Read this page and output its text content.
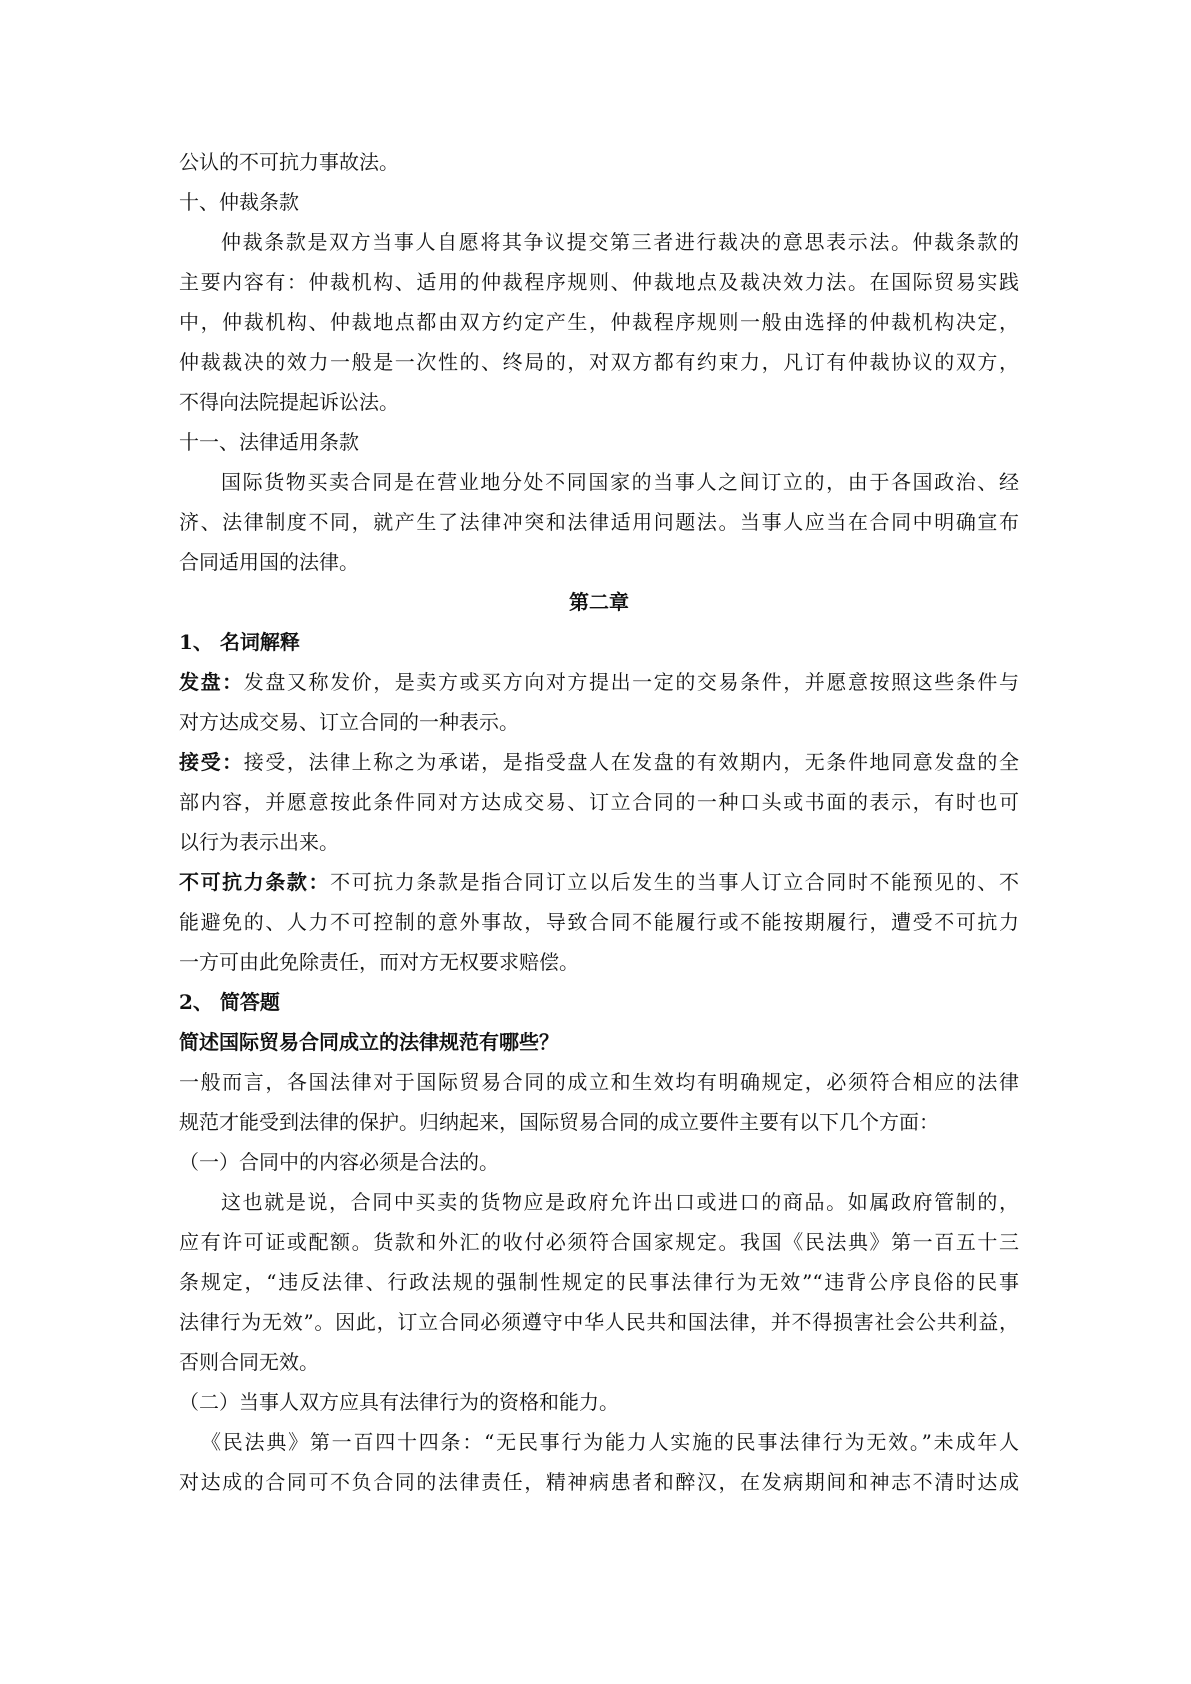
公认的不可抗力事故法。
十、仲裁条款
仲裁条款是双方当事人自愿将其争议提交第三者进行裁决的意思表示法。仲裁条款的
主要内容有：仲裁机构、适用的仲裁程序规则、仲裁地点及裁决效力法。在国际贸易实践
中，仲裁机构、仲裁地点都由双方约定产生，仲裁程序规则一般由选择的仲裁机构决定，
仲裁裁决的效力一般是一次性的、终局的，对双方都有约束力，凡订有仲裁协议的双方，
不得向法院提起诉讼法。
十一、法律适用条款
国际货物买卖合同是在营业地分处不同国家的当事人之间订立的，由于各国政治、经
济、法律制度不同，就产生了法律冲突和法律适用问题法。当事人应当在合同中明确宣布
合同适用国的法律。
第二章
1、 名词解释
发盘：发盘又称发价，是卖方或买方向对方提出一定的交易条件，并愿意按照这些条件与
对方达成交易、订立合同的一种表示。
接受：接受，法律上称之为承诺，是指受盘人在发盘的有效期内，无条件地同意发盘的全
部内容，并愿意按此条件同对方达成交易、订立合同的一种口头或书面的表示，有时也可
以行为表示出来。
不可抗力条款：不可抗力条款是指合同订立以后发生的当事人订立合同时不能预见的、不
能避免的、人力不可控制的意外事故，导致合同不能履行或不能按期履行，遭受不可抗力
一方可由此免除责任，而对方无权要求赔偿。
2、 简答题
简述国际贸易合同成立的法律规范有哪些？
一般而言，各国法律对于国际贸易合同的成立和生效均有明确规定，必须符合相应的法律
规范才能受到法律的保护。归纳起来，国际贸易合同的成立要件主要有以下几个方面：
（一）合同中的内容必须是合法的。
这也就是说，合同中买卖的货物应是政府允许出口或进口的商品。如属政府管制的，
应有许可证或配额。货款和外汇的收付必须符合国家规定。我国《民法典》第一百五十三
条规定，“违反法律、行政法规的强制性规定的民事法律行为无效”“违背公序良俗的民事
法律行为无效”。因此，订立合同必须遵守中华人民共和国法律，并不得损害社会公共利益，
否则合同无效。
（二）当事人双方应具有法律行为的资格和能力。
《民法典》第一百四十四条：“无民事行为能力人实施的民事法律行为无效。”未成年人
对达成的合同可不负合同的法律责任，精神病患者和醉汉，在发病期间和神志不清时达成
